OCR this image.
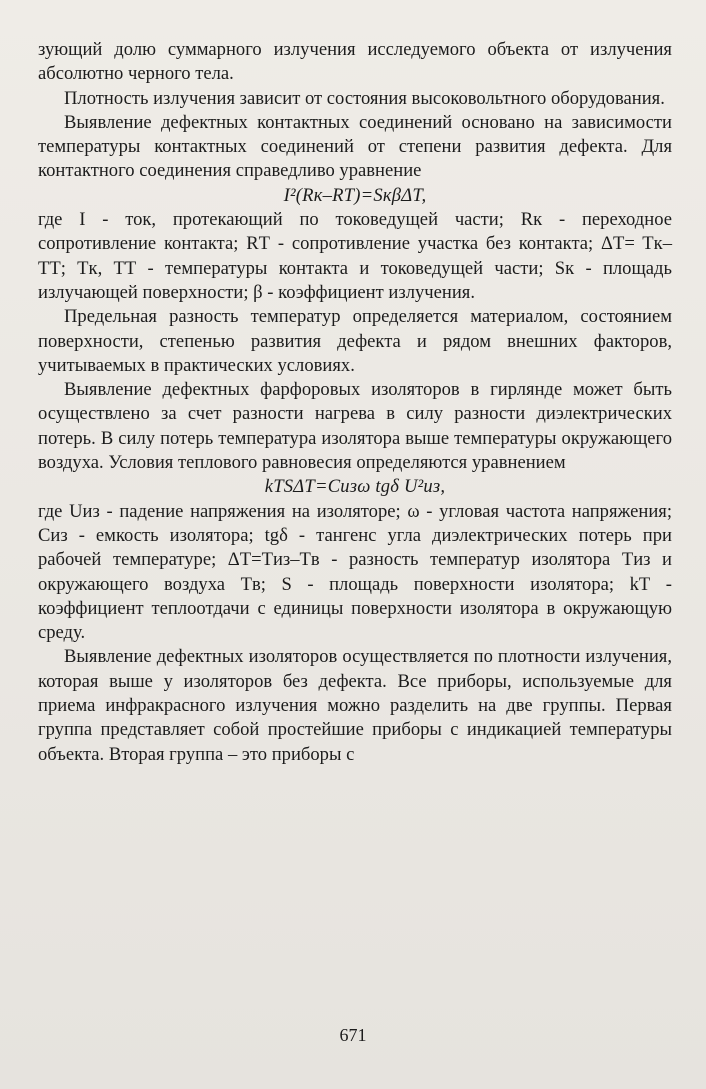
зующий долю суммарного излучения исследуемого объекта от излучения абсолютно черного тела.

Плотность излучения зависит от состояния высоковольтного оборудования.

Выявление дефектных контактных соединений основано на зависимости температуры контактных соединений от степени развития дефекта. Для контактного соединения справедливо уравнение

I²(Rк–RТ)=SкβΔT,

где I - ток, протекающий по токоведущей части; Rк - переходное сопротивление контакта; RТ - сопротивление участка без контакта; ΔT= Tк– TТ; Tк, TТ - температуры контакта и токоведущей части; Sк - площадь излучающей поверхности; β - коэффициент излучения.

Предельная разность температур определяется материалом, состоянием поверхности, степенью развития дефекта и рядом внешних факторов, учитываемых в практических условиях.

Выявление дефектных фарфоровых изоляторов в гирлянде может быть осуществлено за счет разности нагрева в силу разности диэлектрических потерь. В силу потерь температура изолятора выше температуры окружающего воздуха. Условия теплового равновесия определяются уравнением

kТSΔT=Cизω tgδ U²из,

где Uиз - падение напряжения на изоляторе; ω - угловая частота напряжения; Cиз - емкость изолятора; tgδ - тангенс угла диэлектрических потерь при рабочей температуре; ΔT=Tиз–Tв - разность температур изолятора Tиз и окружающего воздуха Tв; S - площадь поверхности изолятора; kТ - коэффициент теплоотдачи с единицы поверхности изолятора в окружающую среду.

Выявление дефектных изоляторов осуществляется по плотности излучения, которая выше у изоляторов без дефекта. Все приборы, используемые для приема инфракрасного излучения можно разделить на две группы. Первая группа представляет собой простейшие приборы с индикацией температуры объекта. Вторая группа – это приборы с

671
